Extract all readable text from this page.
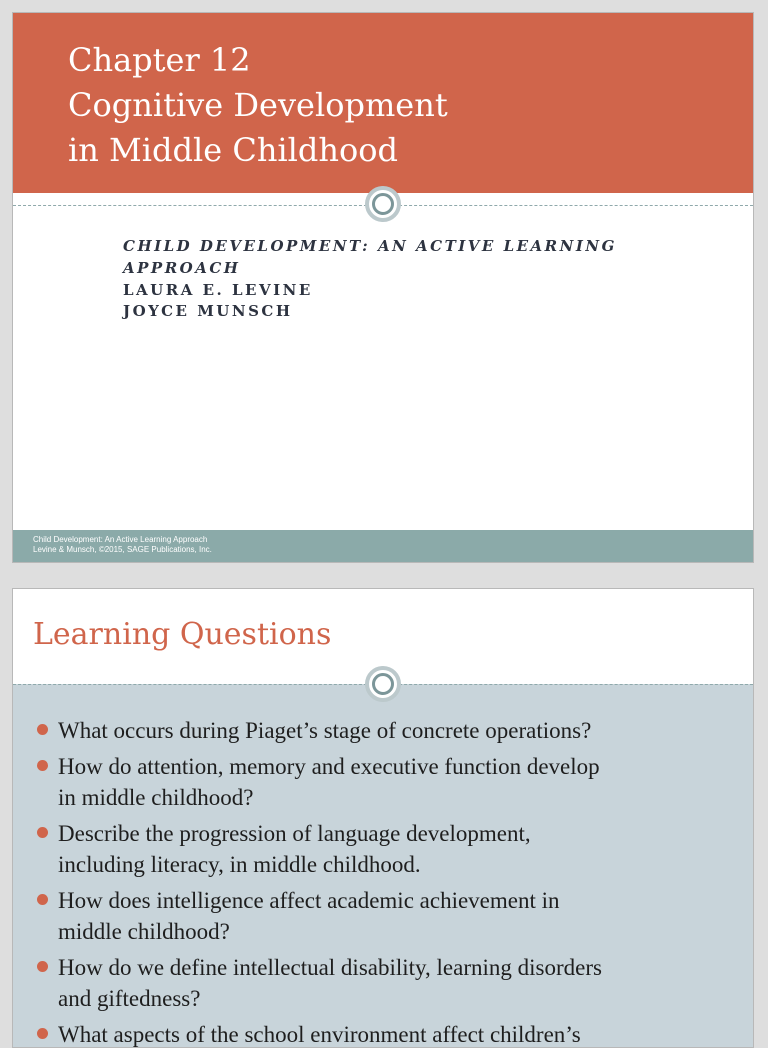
Chapter 12
Cognitive Development
in Middle Childhood
CHILD DEVELOPMENT: AN ACTIVE LEARNING
APPROACH
LAURA E. LEVINE
JOYCE MUNSCH
Child Development: An Active Learning Approach
Levine & Munsch, ©2015, SAGE Publications, Inc.
Learning Questions
What occurs during Piaget’s stage of concrete operations?
How do attention, memory and executive function develop
in middle childhood?
Describe the progression of language development,
including literacy, in middle childhood.
How does intelligence affect academic achievement in
middle childhood?
How do we define intellectual disability, learning disorders
and giftedness?
What aspects of the school environment affect children’s
